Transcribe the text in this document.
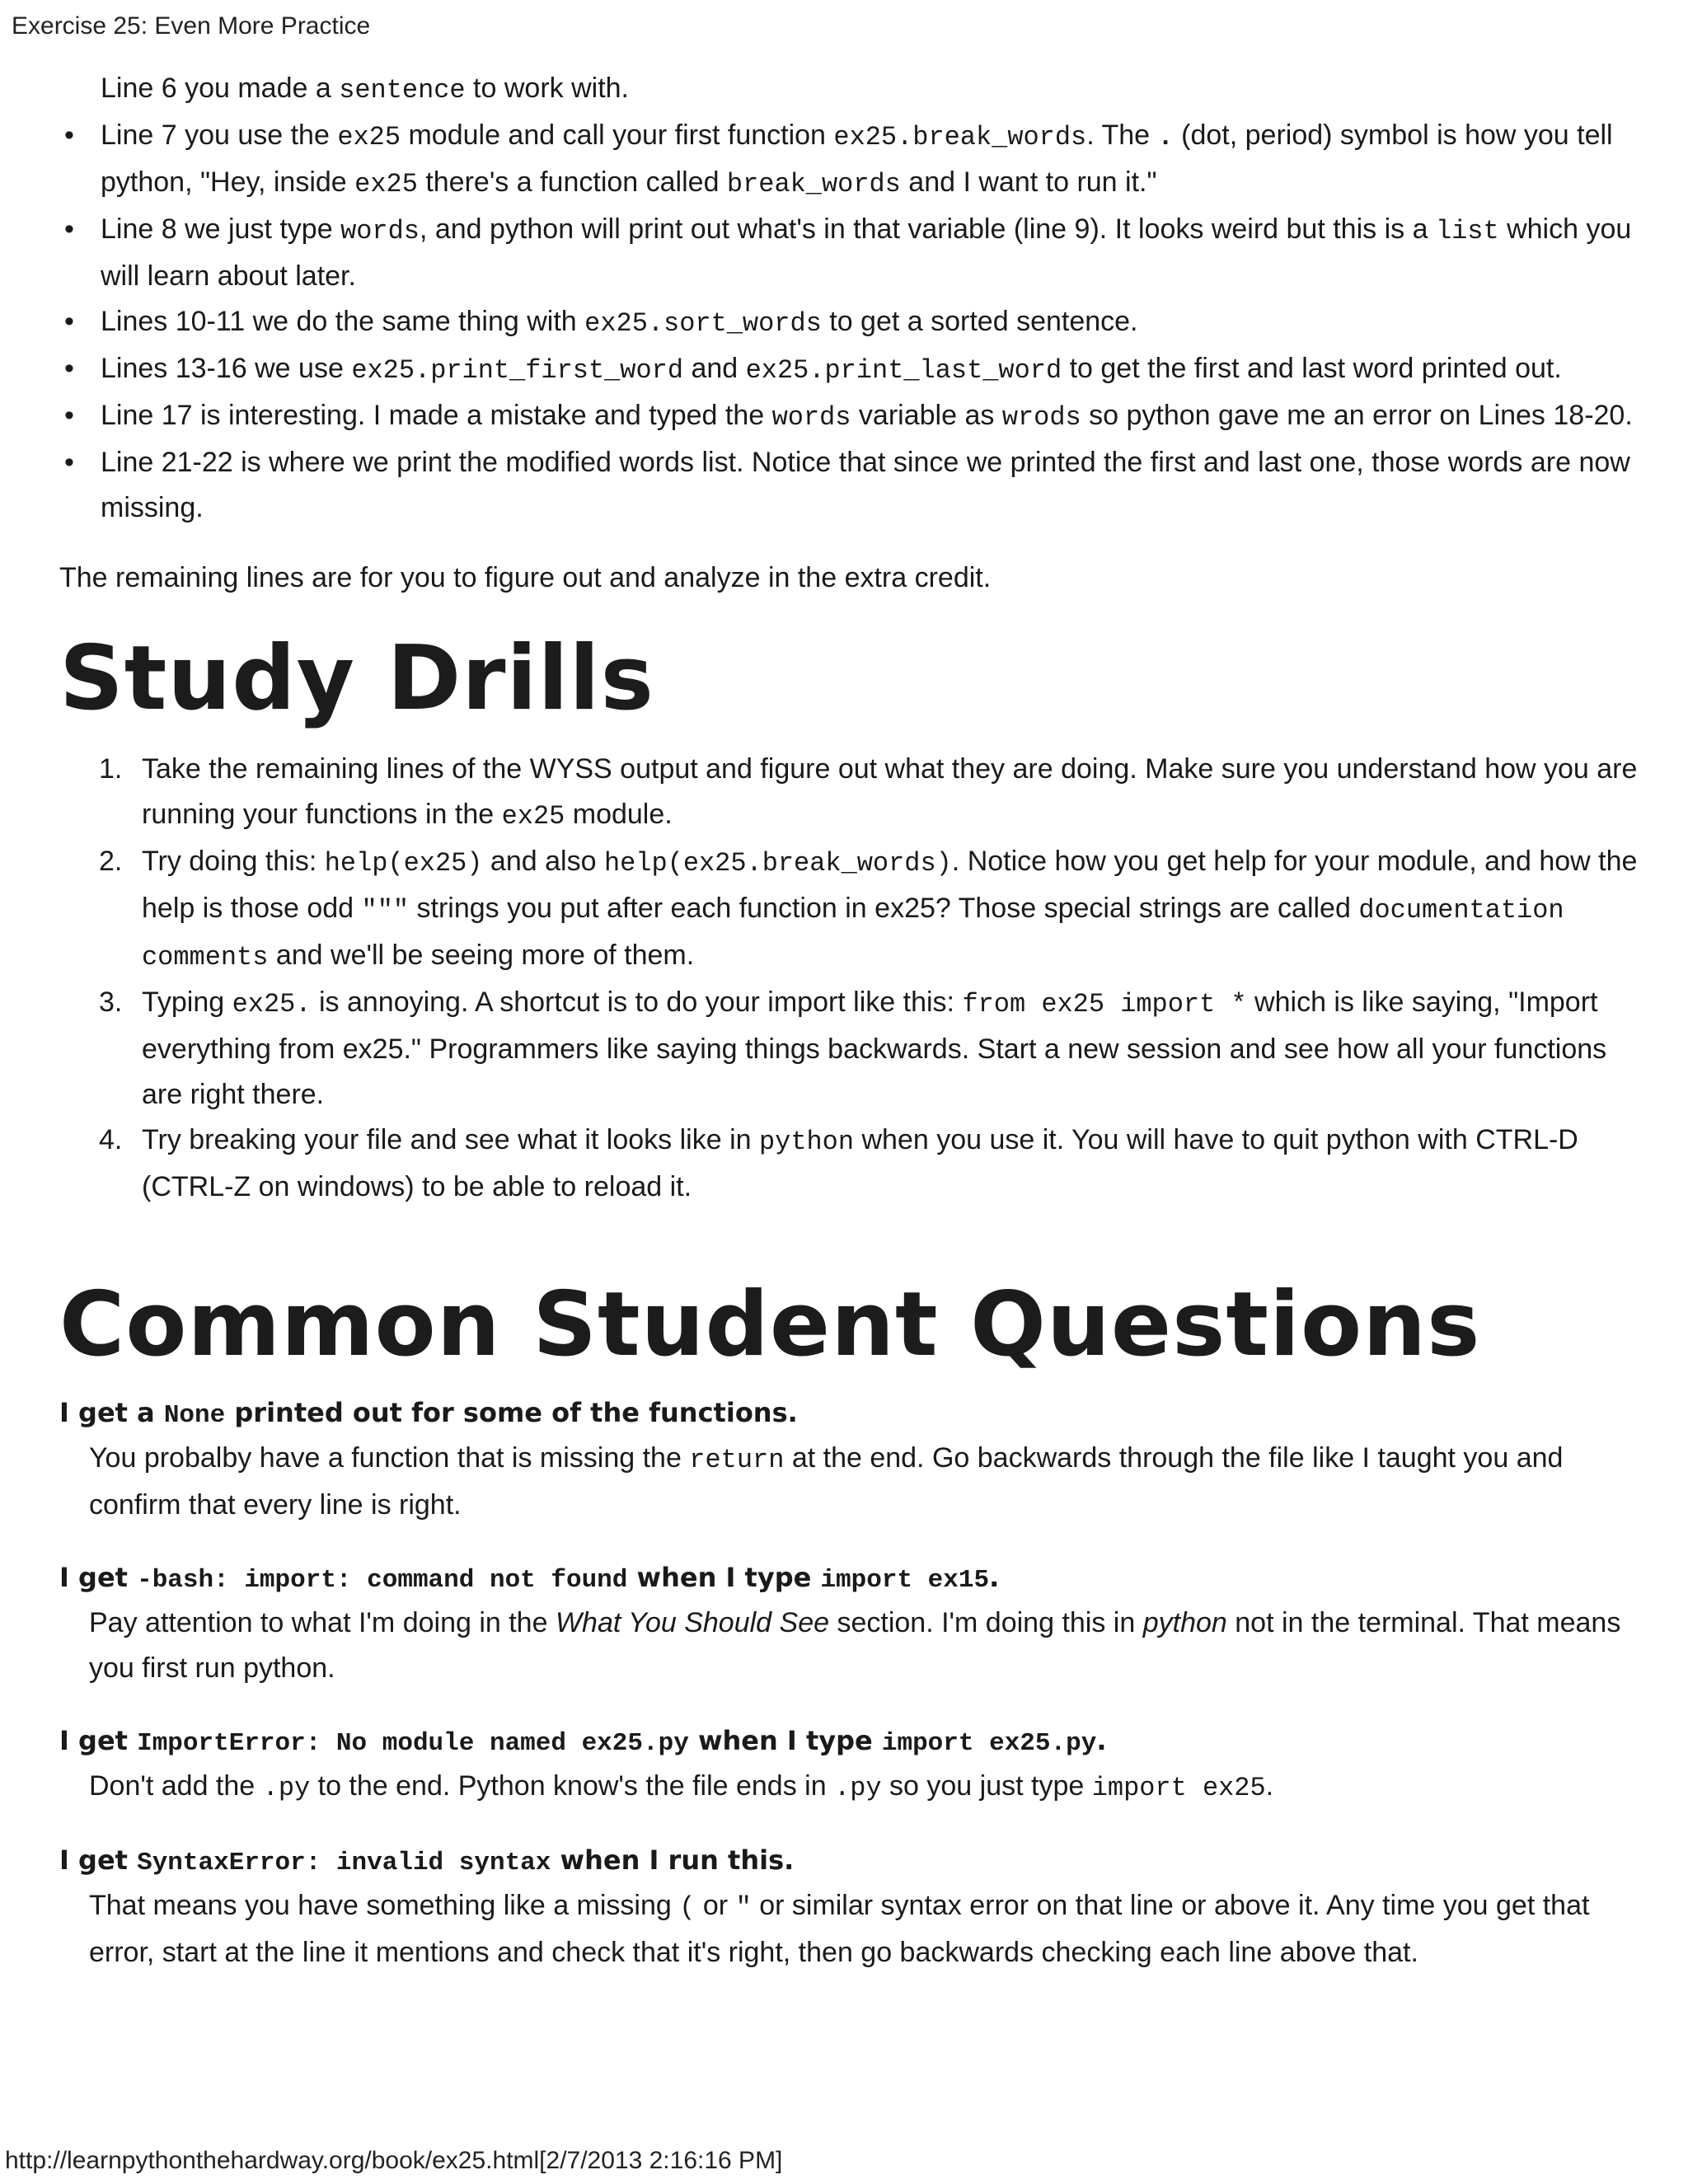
Exercise 25: Even More Practice
Line 6 you made a sentence to work with.
• Line 7 you use the ex25 module and call your first function ex25.break_words. The . (dot, period) symbol is how you tell python, "Hey, inside ex25 there's a function called break_words and I want to run it."
• Line 8 we just type words, and python will print out what's in that variable (line 9). It looks weird but this is a list which you will learn about later.
• Lines 10-11 we do the same thing with ex25.sort_words to get a sorted sentence.
• Lines 13-16 we use ex25.print_first_word and ex25.print_last_word to get the first and last word printed out.
• Line 17 is interesting. I made a mistake and typed the words variable as wrods so python gave me an error on Lines 18-20.
• Line 21-22 is where we print the modified words list. Notice that since we printed the first and last one, those words are now missing.

The remaining lines are for you to figure out and analyze in the extra credit.

Study Drills
1. Take the remaining lines of the WYSS output and figure out what they are doing. Make sure you understand how you are running your functions in the ex25 module.
2. Try doing this: help(ex25) and also help(ex25.break_words). Notice how you get help for your module, and how the help is those odd """ strings you put after each function in ex25? Those special strings are called documentation comments and we'll be seeing more of them.
3. Typing ex25. is annoying. A shortcut is to do your import like this: from ex25 import * which is like saying, "Import everything from ex25." Programmers like saying things backwards. Start a new session and see how all your functions are right there.
4. Try breaking your file and see what it looks like in python when you use it. You will have to quit python with CTRL-D (CTRL-Z on windows) to be able to reload it.
Common Student Questions
I get a None printed out for some of the functions.
You probalby have a function that is missing the return at the end. Go backwards through the file like I taught you and confirm that every line is right.
I get -bash: import: command not found when I type import ex15.
Pay attention to what I'm doing in the What You Should See section. I'm doing this in python not in the terminal. That means you first run python.
I get ImportError: No module named ex25.py when I type import ex25.py.
Don't add the .py to the end. Python know's the file ends in .py so you just type import ex25.
I get SyntaxError: invalid syntax when I run this.
That means you have something like a missing ( or " or similar syntax error on that line or above it. Any time you get that error, start at the line it mentions and check that it's right, then go backwards checking each line above that.
http://learnpythonthehardway.org/book/ex25.html[2/7/2013 2:16:16 PM]
